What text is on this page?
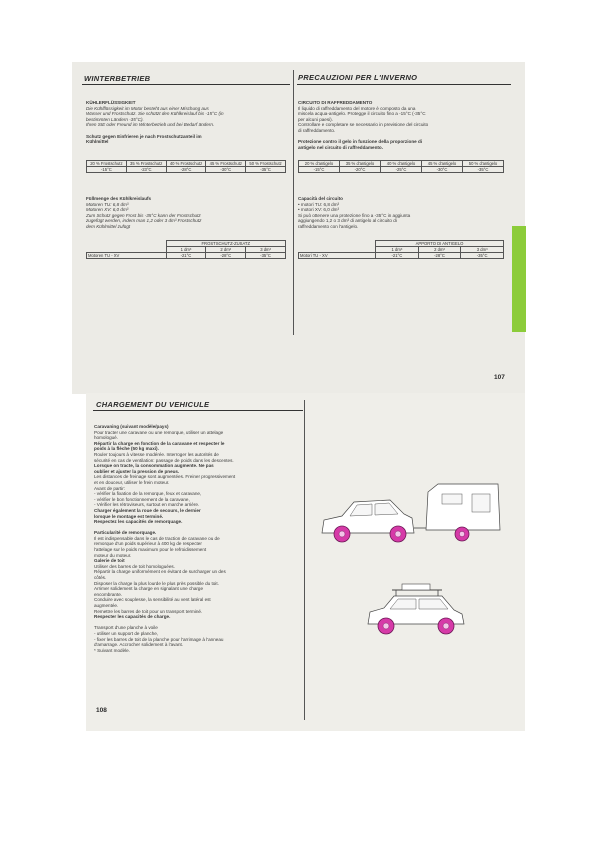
WINTERBETRIEB
KÜHLERFLÜSSIGKEIT
Die Kühlflüssigkeit im Motor besteht aus einer Mischung aus
Wasser und Frostschutz. Sie schützt den Kühlkreislauf bis -15°C (in
bestimmten Ländern -35°C).
Ihren SIE oder Freund im Winterbetrieb und bei Bedarf ändern.

Schutz gegen Einfrieren je nach Frostschutzanteil im
Kühlmittel
20 % Frostschutz	35 % Frostschutz	40 % Frostschutz	45 % Frostschutz	50 % Frostschutz
-15°C	-23°C	-28°C	-30°C	-35°C
Füllmenge des Kühlkreislaufs
Motoren TU: 6,8 dm³
Motoren XV: 6,0 dm³
Zum Schutz gegen Frost bis -35°C kann der Frostschutz
zugefügt werden, indem man 1,2 oder 3 dm³ Frostschutz
dem Kühlmittel zufügt
	FROSTSCHUTZ-ZUSATZ		
	1 dm³	2 dm³	3 dm³
Motoren TU - XV	-21°C	-28°C	-35°C
PRECAUZIONI PER L'INVERNO
CIRCUITO DI RAFFREDDAMENTO
Il liquido di raffreddamento del motore è composto da una
miscela acqua-antigelo. Protegge il circuito fino a -15°C (-35°C
per alcuni paesi).
Controllare e completare se necessario in previsione del circuito
di raffreddamento.

Protezione contro il gelo in funzione della proporzione di
antigelo nel circuito di raffreddamento.
20 % d'antigelo	35 % d'antigelo	40 % d'antigelo	45 % d'antigelo	50 % d'antigelo
-15°C	-20°C	-25°C	-30°C	-35°C
Capacità del circuito
• motori TU: 6,8 dm³
• motori XV: 6,0 dm³
Si può ottenere una protezione fino a -35°C in aggiunta
aggiungendo 1,2 o 3 dm³ di antigelo al circuito di
raffreddamento con l'antigelo.
	APPORTO DI ANTIGELO		
	1 dm³	2 dm³	3 dm³
Motori TU - XV	-21°C	-28°C	-35°C
107
CHARGEMENT DU VEHICULE
Caravaning (suivant modèle/pays)
Pour tracter une caravane ou une remorque, utiliser un attelage
homologué.
Répartir la charge en fonction de la caravane et respecter le
poids à la flèche (50 kg maxi).
Rouler toujours à vitesse modérée. Interroger les autorités de
sécurité en cas de ventilation: passage de poids dans les descentes.
Lorsque on tracte, la consommation augmente. Ne pas
oublier et ajuster la pression de pneus.
Les distances de freinage sont augmentées. Freiner progressivement
et en douceur, utiliser le frein moteur.
Avant de partir:
- vérifier la fixation de la remorque, feux et caravane,
- vérifier le bon fonctionnement de la caravane,
- Vérifier les rétroviseurs, surtout en marche arrière.
Charger également la roue de secours, le dernier
lorsque le montage est terminé.
Respectez les capacités de remorquage.

Particularité de remorquage.
Il est indispensable dans le cas de traction de caravane ou de
remorque d'un poids supérieur à 400 kg de respecter
l'attelage sur le poids maximum pour le refroidissement
moteur du moteur.
Galerie de toit
Utiliser des barres de toit homologuées.
Répartir la charge uniformément en évitant de surcharger un des
côtés.
Disposer la charge la plus lourde le plus près possible du toit.
Arrimer solidement la charge en signalant une charge
encombrante.
Conduire avec souplesse, la sensibilité au vent latéral est
augmentée.
Remettre les barres de toit pour un transport terminé.
Respecter les capacités de charge.

Transport d'une planche à voile
- utiliser un support de planche,
- fixer les barres de toit de la planche pour l'arrimage à l'anneau
d'amarrage. Accrocher solidement à l'avant.
* Suivant modèle.
108
